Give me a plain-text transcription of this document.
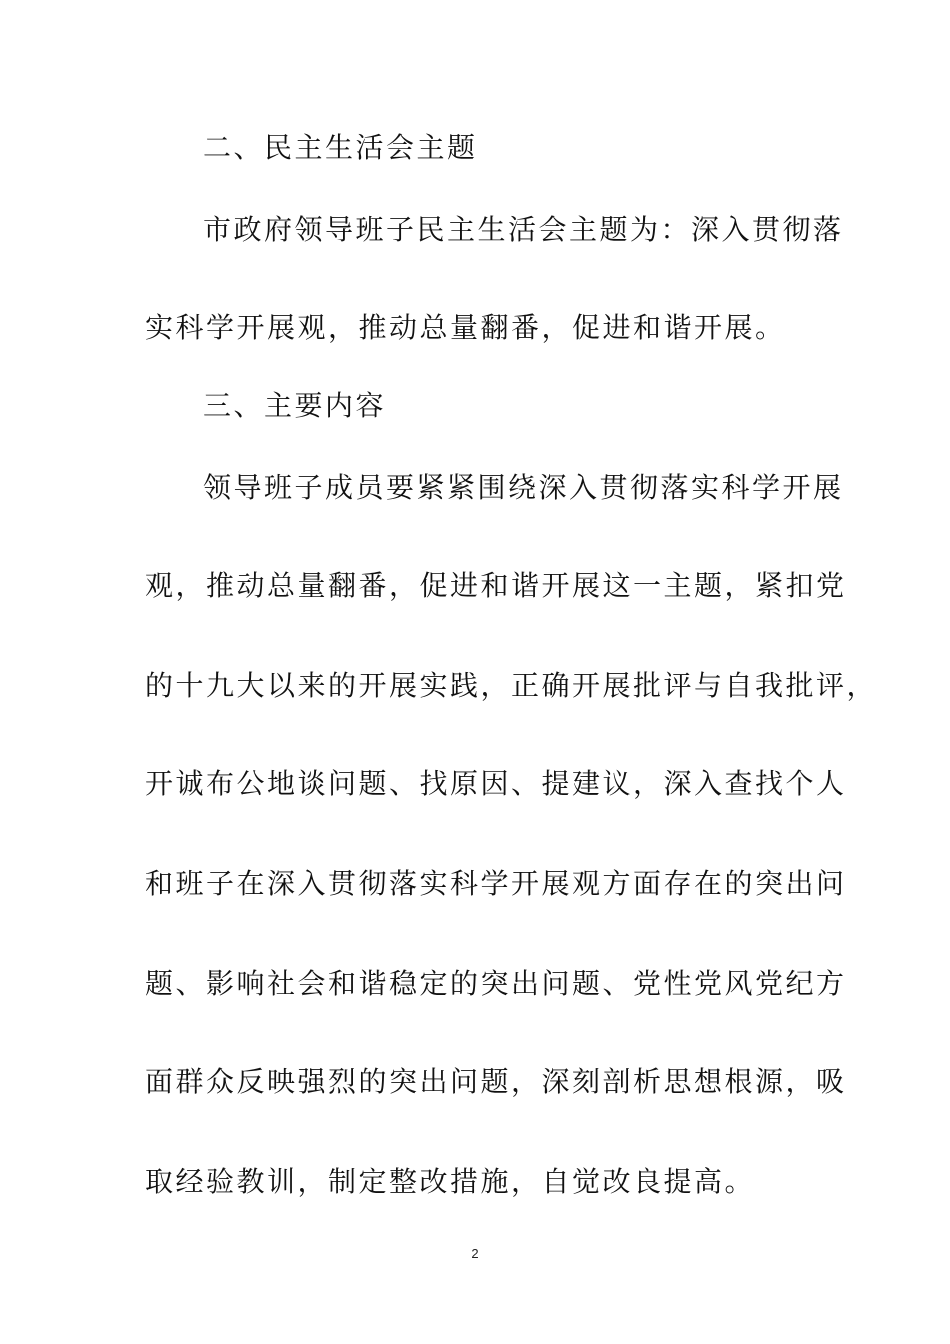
二、民主生活会主题

市政府领导班子民主生活会主题为：深入贯彻落

实科学开展观，推动总量翻番，促进和谐开展。

三、主要内容

领导班子成员要紧紧围绕深入贯彻落实科学开展

观，推动总量翻番，促进和谐开展这一主题，紧扣党

的十九大以来的开展实践，正确开展批评与自我批评，

开诚布公地谈问题、找原因、提建议，深入查找个人

和班子在深入贯彻落实科学开展观方面存在的突出问

题、影响社会和谐稳定的突出问题、党性党风党纪方

面群众反映强烈的突出问题，深刻剖析思想根源，吸

取经验教训，制定整改措施，自觉改良提高。

2
